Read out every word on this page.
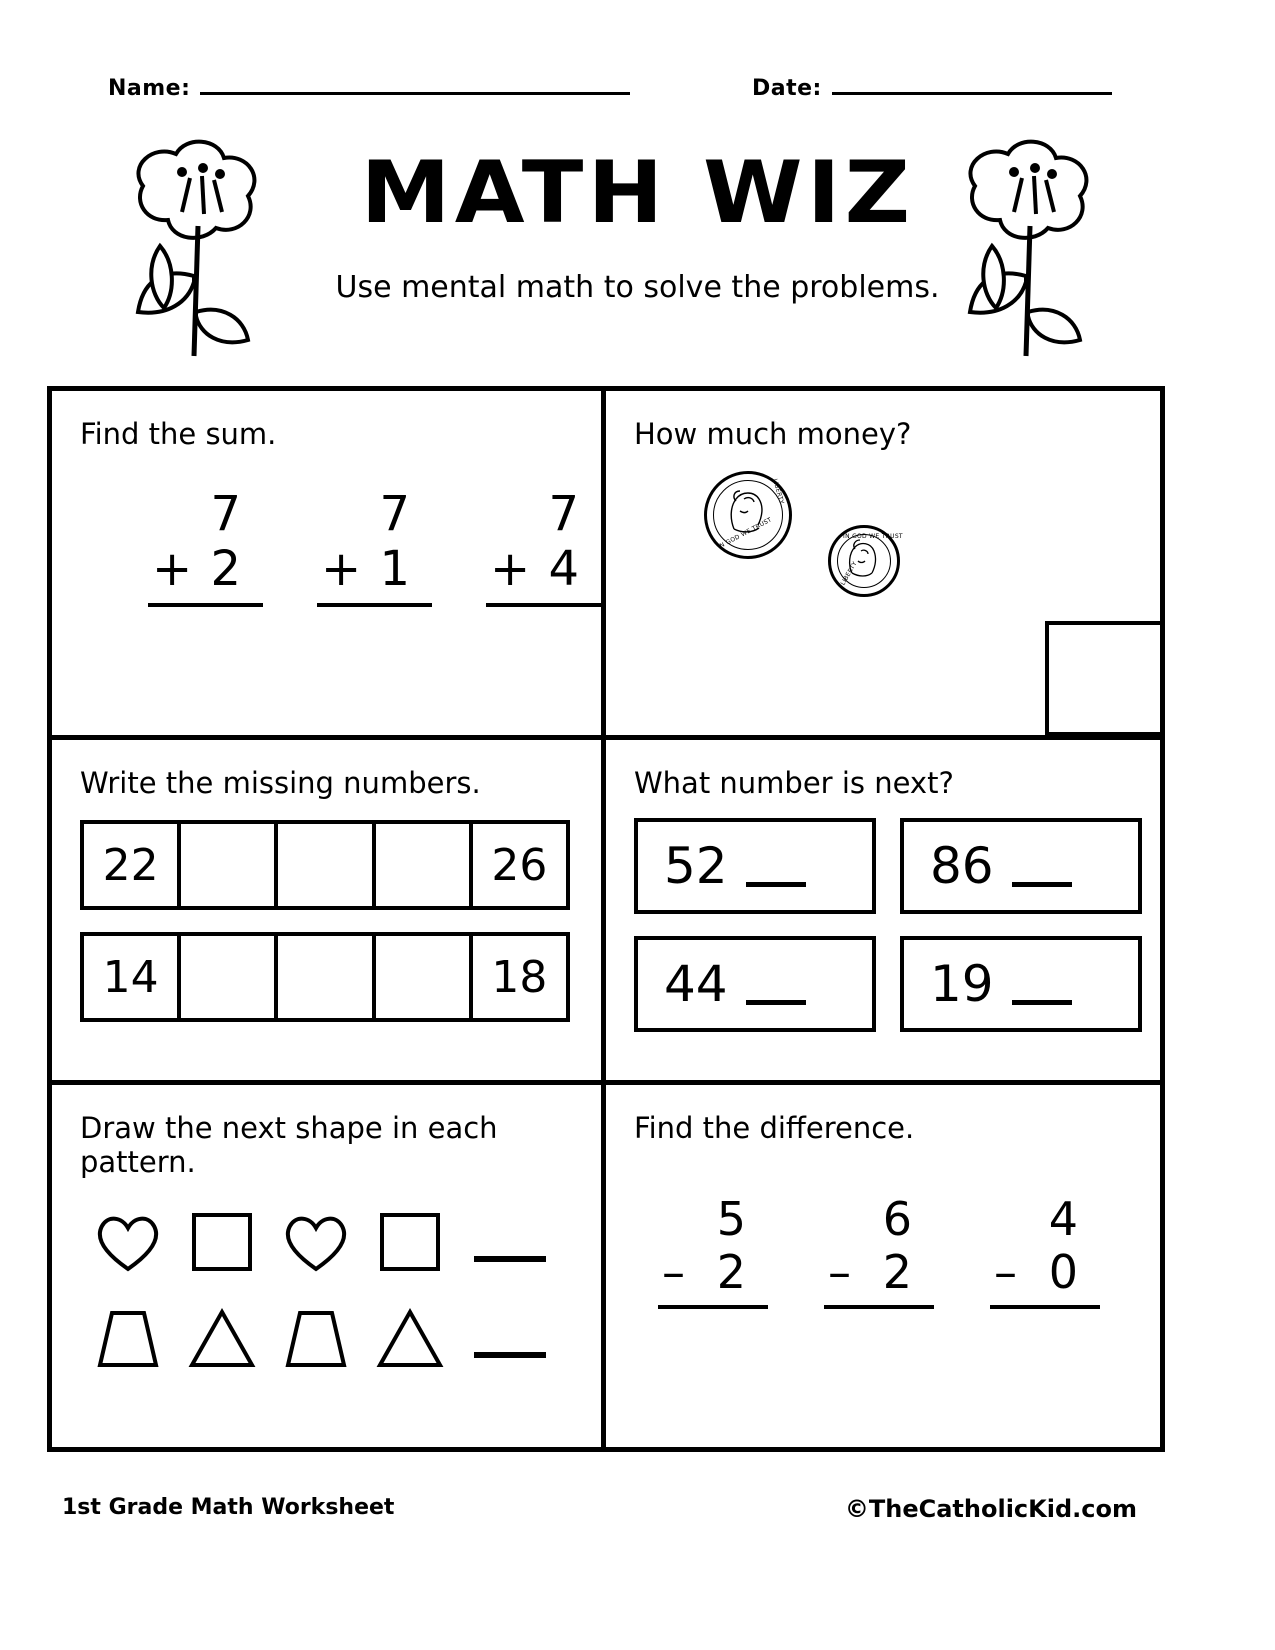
Name:	Date:
MATH WIZ
Use mental math to solve the problems.
Find the sum.
7
+ 2
7
+ 1
7
+ 4
How much money?
IN GOD WE TRUST
LIBERTY
IN GOD WE TRUST
LIBERTY
Write the missing numbers.
22	26
14	18
What number is next?
52	86
44	19
Draw the next shape in each pattern.
Find the difference.
5
– 2
6
– 2
4
– 0
1st Grade Math Worksheet	©TheCatholicKid.com
